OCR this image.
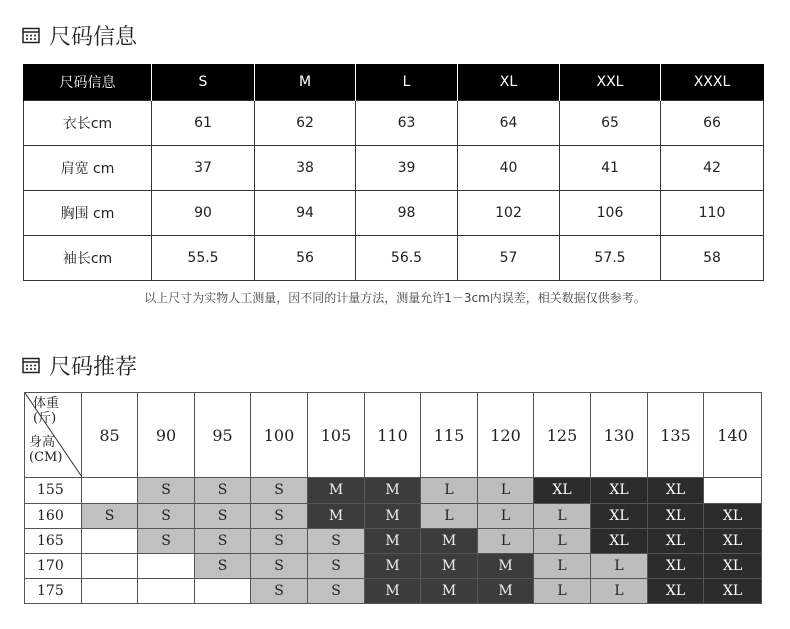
尺码信息
尺码信息	S	M	L	XL	XXL	XXXL
衣长cm	61	62	63	64	65	66
肩宽 cm	37	38	39	40	41	42
胸围 cm	90	94	98	102	106	110
袖长cm	55.5	56	56.5	57	57.5	58
以上尺寸为实物人工测量，因不同的计量方法，测量允许1－3cm内误差，相关数据仅供参考。
尺码推荐
体重
(斤)
身高
(CM)	85	90	95	100	105	110	115	120	125	130	135	140
155		S	S	S	M	M	L	L	XL	XL	XL	
160	S	S	S	S	M	M	L	L	L	XL	XL	XL
165		S	S	S	S	M	M	L	L	XL	XL	XL
170			S	S	S	M	M	M	L	L	XL	XL
175				S	S	M	M	M	L	L	XL	XL
